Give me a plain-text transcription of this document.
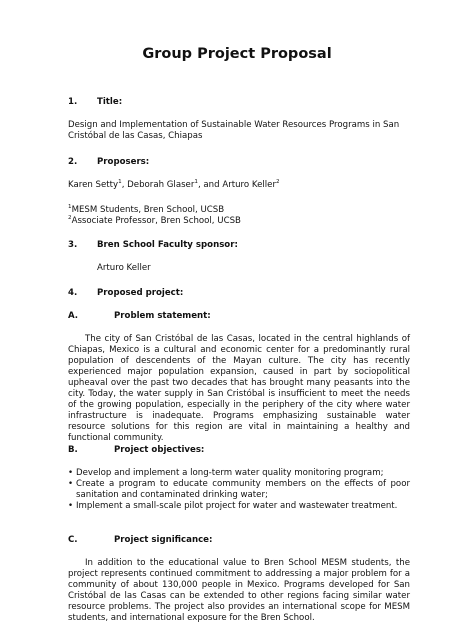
Group Project Proposal
1. Title:

Design and Implementation of Sustainable Water Resources Programs in San Cristóbal de las Casas, Chiapas

2. Proposers:

Karen Setty$^1$, Deborah Glaser$^1$, and Arturo Keller$^2$

$^1$MESM Students, Bren School, UCSB

$^2$Associate Professor, Bren School, UCSB

3. Bren School Faculty sponsor:

Arturo Keller

4. Proposed project:
A.	Problem statement:

The city of San Cristóbal de las Casas, located in the central highlands of Chiapas, Mexico is a cultural and economic center for a predominantly rural population of descendents of the Mayan culture. The city has recently experienced major population expansion, caused in part by sociopolitical upheaval over the past two decades that has brought many peasants into the city. Today, the water supply in San Cristóbal is insufficient to meet the needs of the growing population, especially in the periphery of the city where water infrastructure is inadequate. Programs emphasizing sustainable water resource solutions for this region are vital in maintaining a healthy and functional community.

B.	Project objectives:
• Develop and implement a long-term water quality monitoring program;
• Create a program to educate community members on the effects of poor sanitation and contaminated drinking water;
• Implement a small-scale pilot project for water and wastewater treatment.
C.	Project significance:

In addition to the educational value to Bren School MESM students, the project represents continued commitment to addressing a major problem for a community of about 130,000 people in Mexico. Programs developed for San Cristóbal de las Casas can be extended to other regions facing similar water resource problems. The project also provides an international scope for MESM students, and international exposure for the Bren School.
